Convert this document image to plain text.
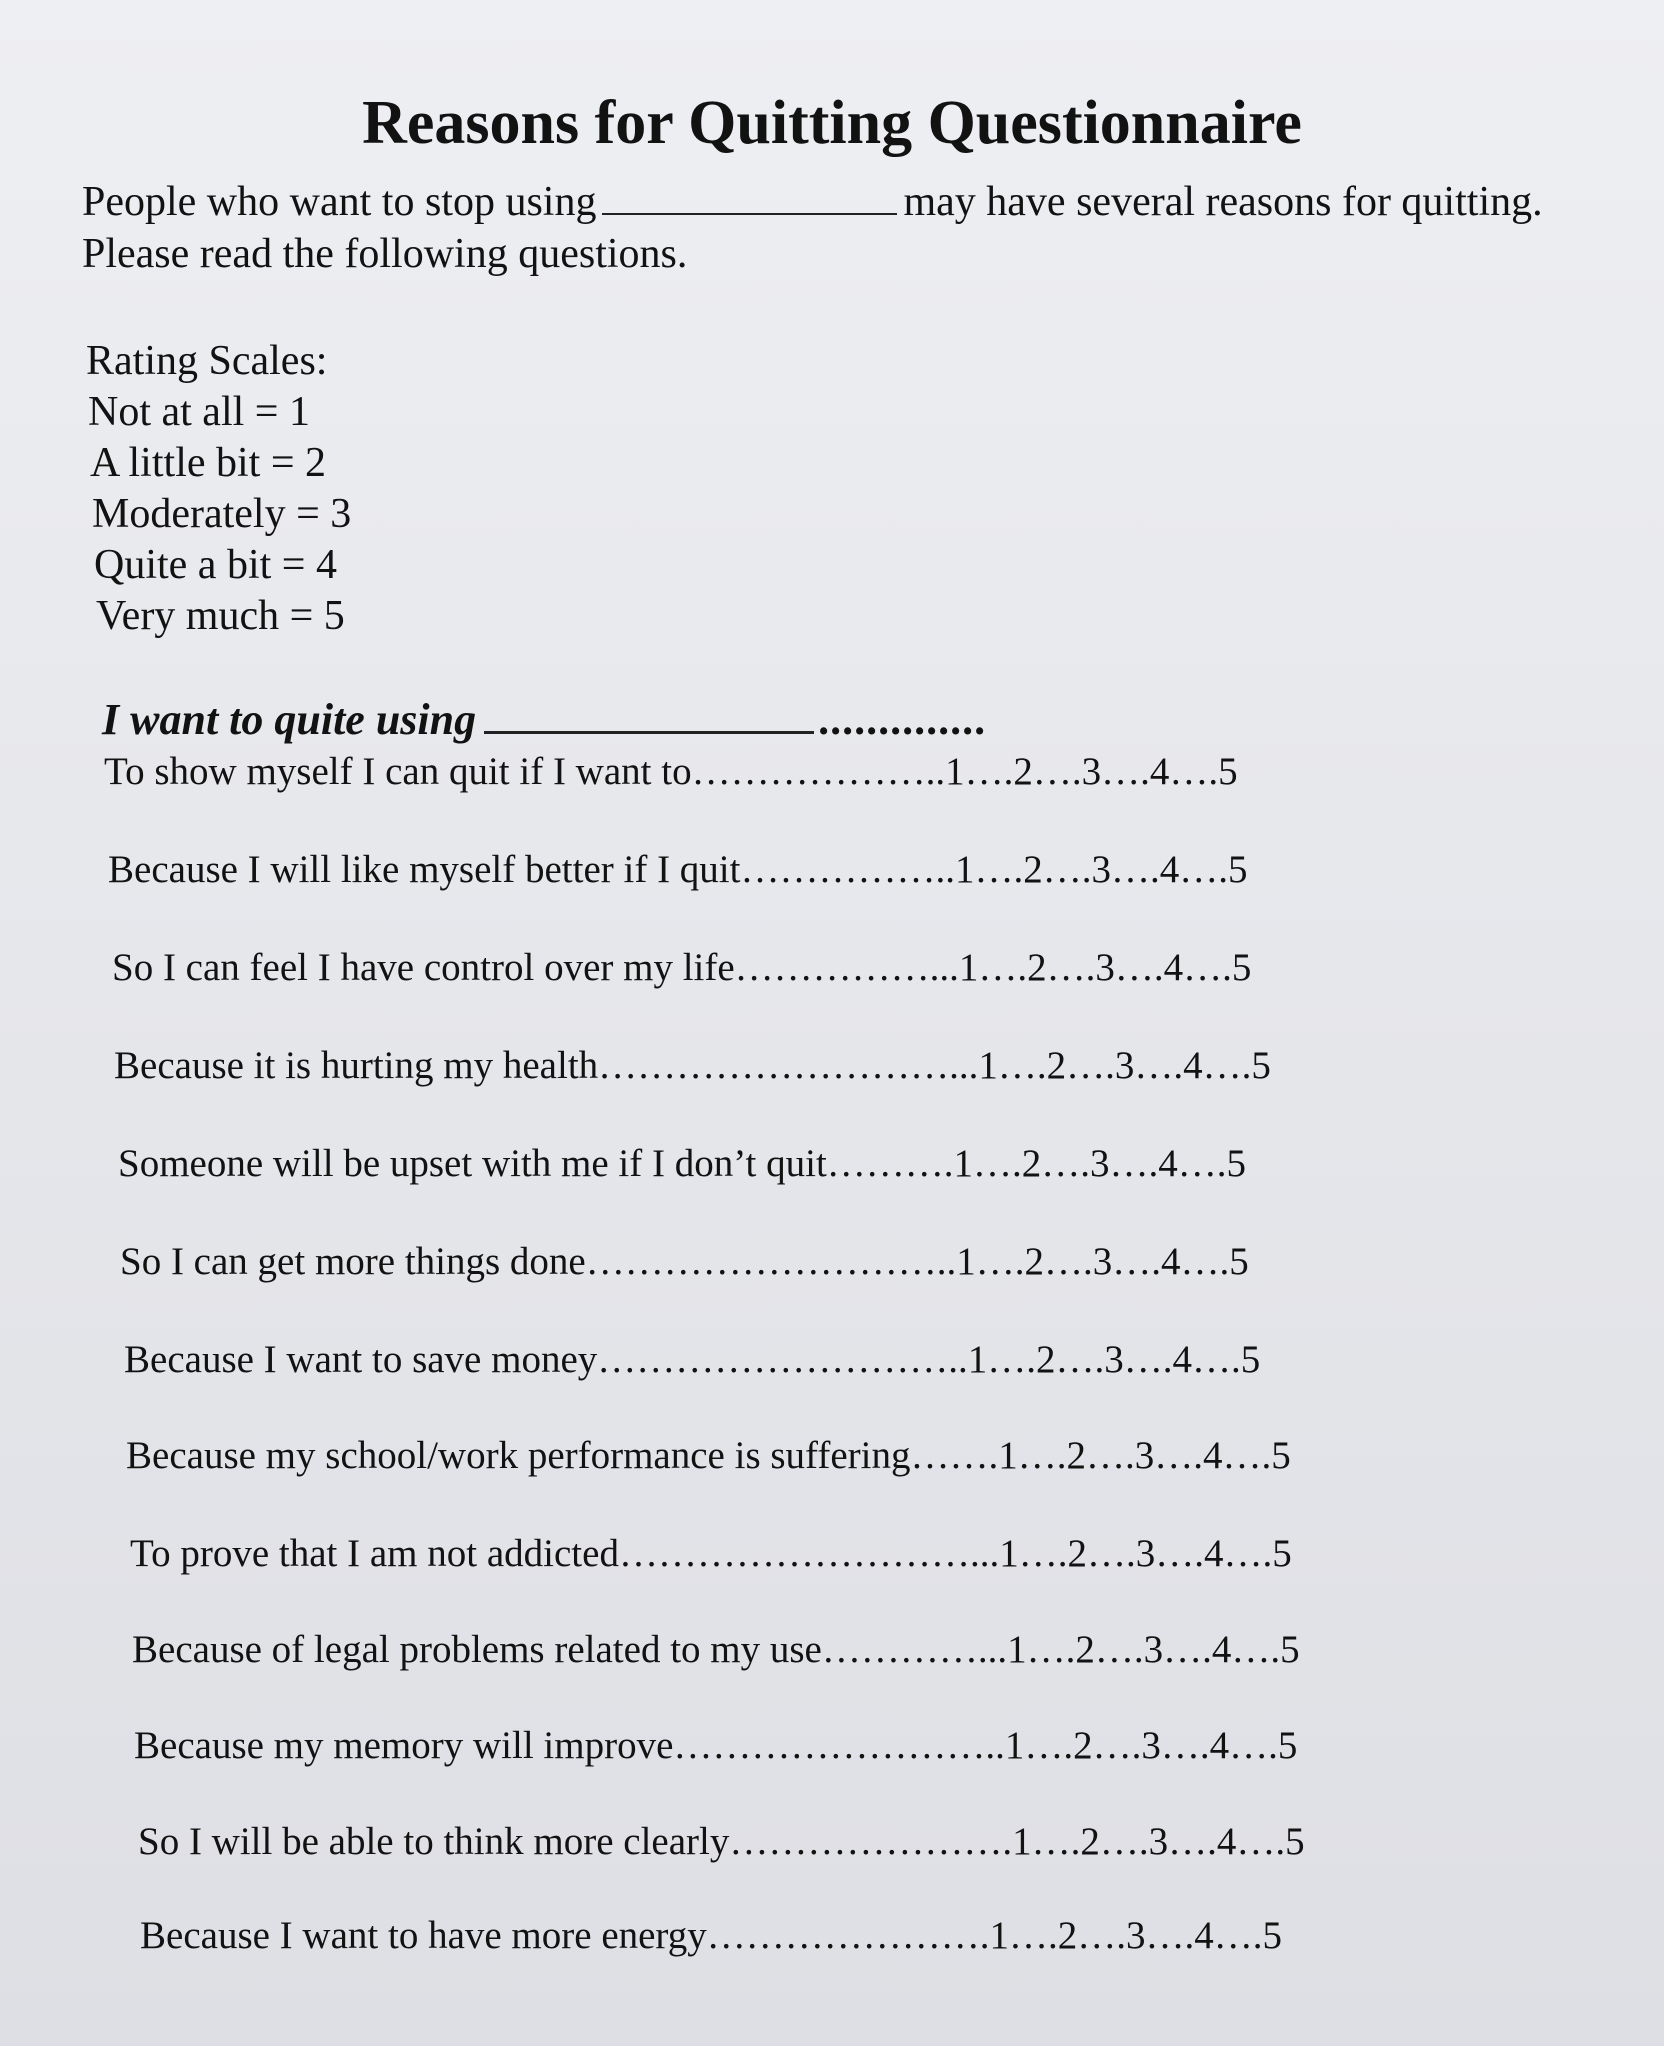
Reasons for Quitting Questionnaire
People who want to stop using	may have several reasons for quitting.
Please read the following questions.
Rating Scales:
Not at all = 1
A little bit = 2
Moderately = 3
Quite a bit = 4
Very much = 5
I want to quite using	..............
To show myself I can quit if I want to………………..1….2….3….4….5
Because I will like myself better if I quit……………..1….2….3….4….5
So I can feel I have control over my life……………...1….2….3….4….5
Because it is hurting my health………………………...1….2….3….4….5
Someone will be upset with me if I don’t quit……….1….2….3….4….5
So I can get more things done………………………..1….2….3….4….5
Because I want to save money………………………..1….2….3….4….5
Because my school/work performance is suffering…….1….2….3….4….5
To prove that I am not addicted………………………...1….2….3….4….5
Because of legal problems related to my use…………...1….2….3….4….5
Because my memory will improve……………………..1….2….3….4….5
So I will be able to think more clearly………………….1….2….3….4….5
Because I want to have more energy………………….1….2….3….4….5
